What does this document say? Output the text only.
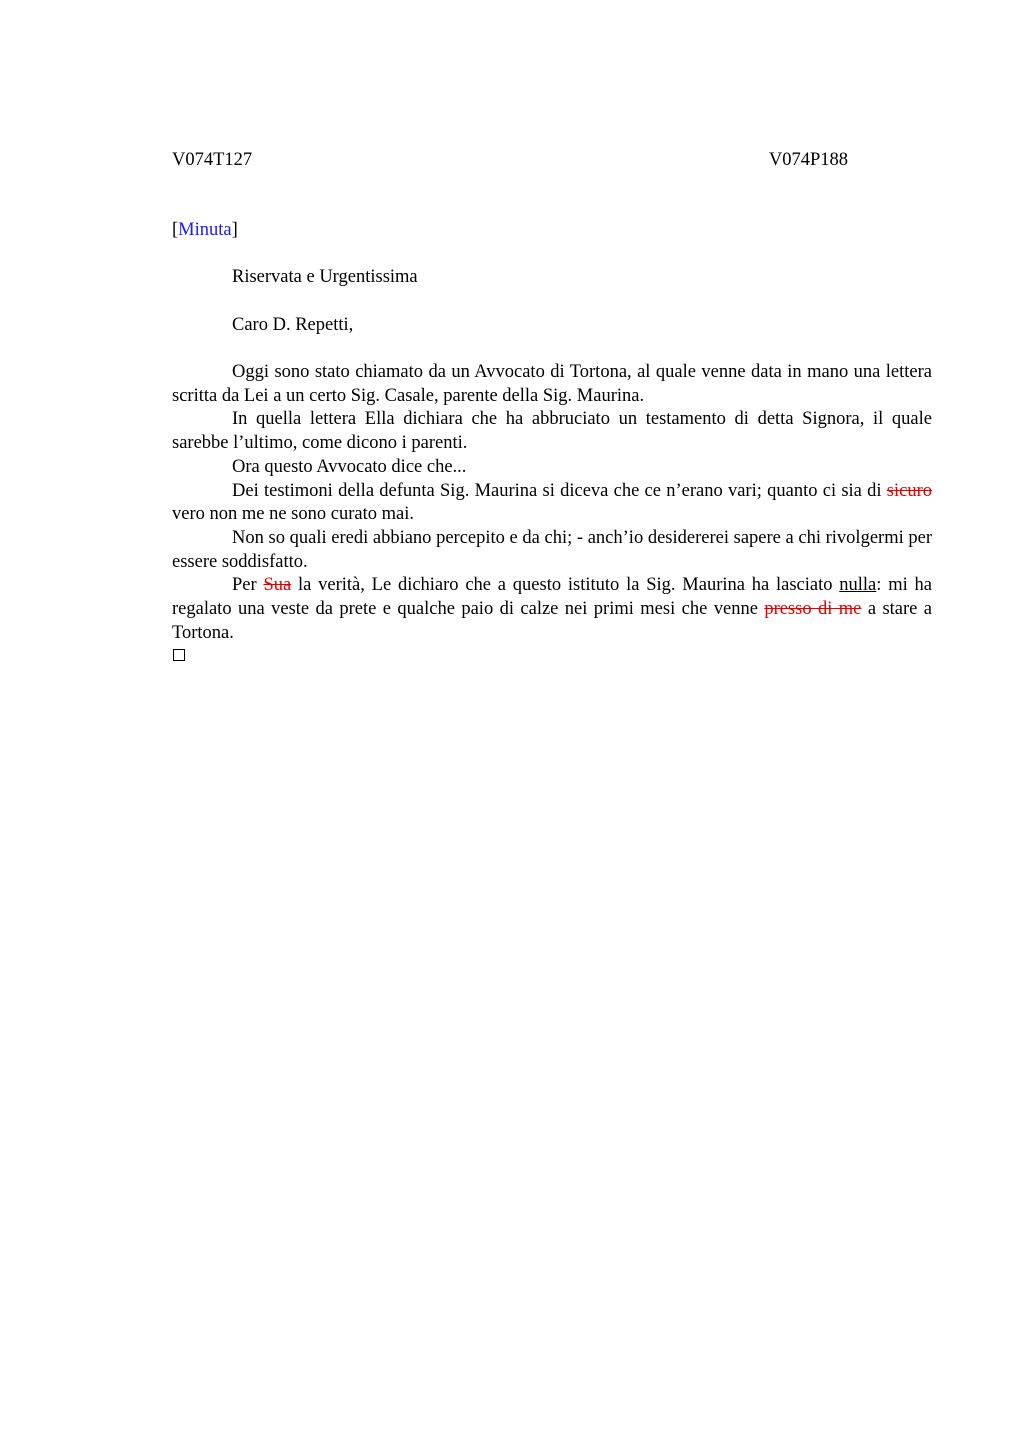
V074T127	V074P188
[Minuta]
Riservata e Urgentissima
Caro D. Repetti,

Oggi sono stato chiamato da un Avvocato di Tortona, al quale venne data in mano una lettera scritta da Lei a un certo Sig. Casale, parente della Sig. Maurina.

In quella lettera Ella dichiara che ha abbruciato un testamento di detta Signora, il quale sarebbe l’ultimo, come dicono i parenti.

Ora questo Avvocato dice che...

Dei testimoni della defunta Sig. Maurina si diceva che ce n’erano vari; quanto ci sia di sicuro vero non me ne sono curato mai.

Non so quali eredi abbiano percepito e da chi; - anch’io desidererei sapere a chi rivolgermi per essere soddisfatto.

Per Sua la verità, Le dichiaro che a questo istituto la Sig. Maurina ha lasciato nulla: mi ha regalato una veste da prete e qualche paio di calze nei primi mesi che venne presso di me a stare a Tortona.
